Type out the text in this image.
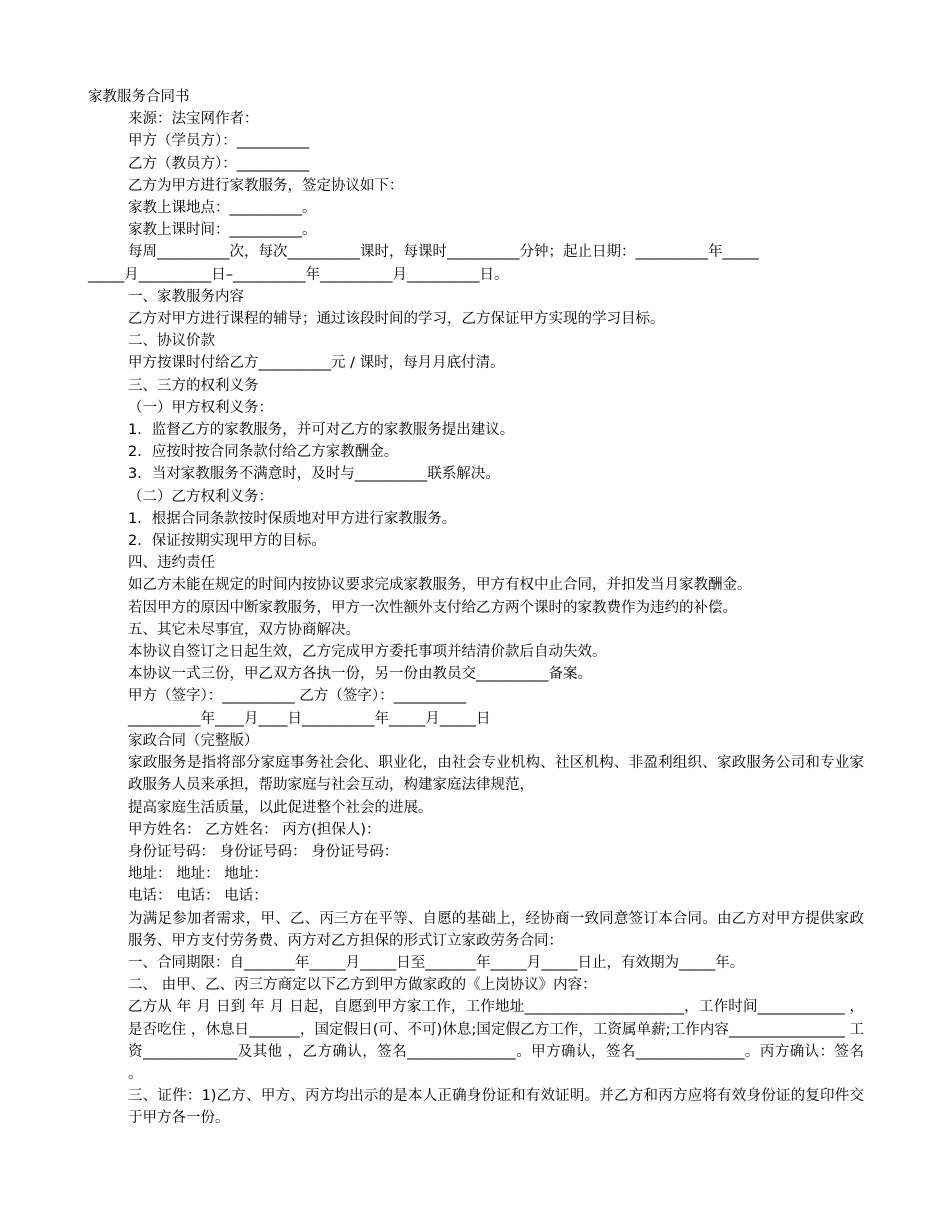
家教服务合同书
来源：法宝网作者：
甲方（学员方）：__________
乙方（教员方）：__________
乙方为甲方进行家教服务，签定协议如下：
家教上课地点：__________。
家教上课时间：__________。
每周__________次，每次__________课时，每课时__________分钟；起止日期：__________年_____
_____月__________日–__________年__________月__________日。
一、家教服务内容
乙方对甲方进行课程的辅导；通过该段时间的学习，乙方保证甲方实现的学习目标。
二、协议价款
甲方按课时付给乙方__________元 / 课时，每月月底付清。
三、三方的权利义务
（一）甲方权利义务：
1．监督乙方的家教服务，并可对乙方的家教服务提出建议。
2．应按时按合同条款付给乙方家教酬金。
3．当对家教服务不满意时，及时与__________联系解决。
（二）乙方权利义务：
1．根据合同条款按时保质地对甲方进行家教服务。
2．保证按期实现甲方的目标。
四、违约责任
如乙方未能在规定的时间内按协议要求完成家教服务，甲方有权中止合同，并扣发当月家教酬金。
若因甲方的原因中断家教服务，甲方一次性额外支付给乙方两个课时的家教费作为违约的补偿。
五、其它未尽事宜，双方协商解决。
本协议自签订之日起生效，乙方完成甲方委托事项并结清价款后自动失效。
本协议一式三份，甲乙双方各执一份，另一份由教员交__________备案。
甲方（签字）：__________ 乙方（签字）：__________
__________年____月____日__________年_____月_____日
家政合同（完整版）
家政服务是指将部分家庭事务社会化、职业化，由社会专业机构、社区机构、非盈利组织、家政服务公司和专业家政服务人员来承担，帮助家庭与社会互动，构建家庭法律规范，
提高家庭生活质量，以此促进整个社会的进展。
甲方姓名： 乙方姓名： 丙方(担保人)：
身份证号码： 身份证号码： 身份证号码：
地址： 地址： 地址：
电话： 电话： 电话：
为满足参加者需求，甲、乙、丙三方在平等、自愿的基础上，经协商一致同意签订本合同。由乙方对甲方提供家政服务、甲方支付劳务费、丙方对乙方担保的形式订立家政劳务合同：
一、合同期限：自_______年_____月_____日至_______年_____月_____日止，有效期为_____年。
二、 由甲、乙、丙三方商定以下乙方到甲方做家政的《上岗协议》内容：
乙方从 年 月 日到 年 月 日起，自愿到甲方家工作，工作地址______________________，工作时间____________ ，是否吃住 ，休息日_______，国定假日(可、不可)休息;国定假乙方工作，工资属单薪;工作内容________________ 工资_____________及其他 ，乙方确认，签名_______________。甲方确认，签名_______________。丙方确认：签名 。
三、证件：1)乙方、甲方、丙方均出示的是本人正确身份证和有效证明。并乙方和丙方应将有效身份证的复印件交于甲方各一份。
